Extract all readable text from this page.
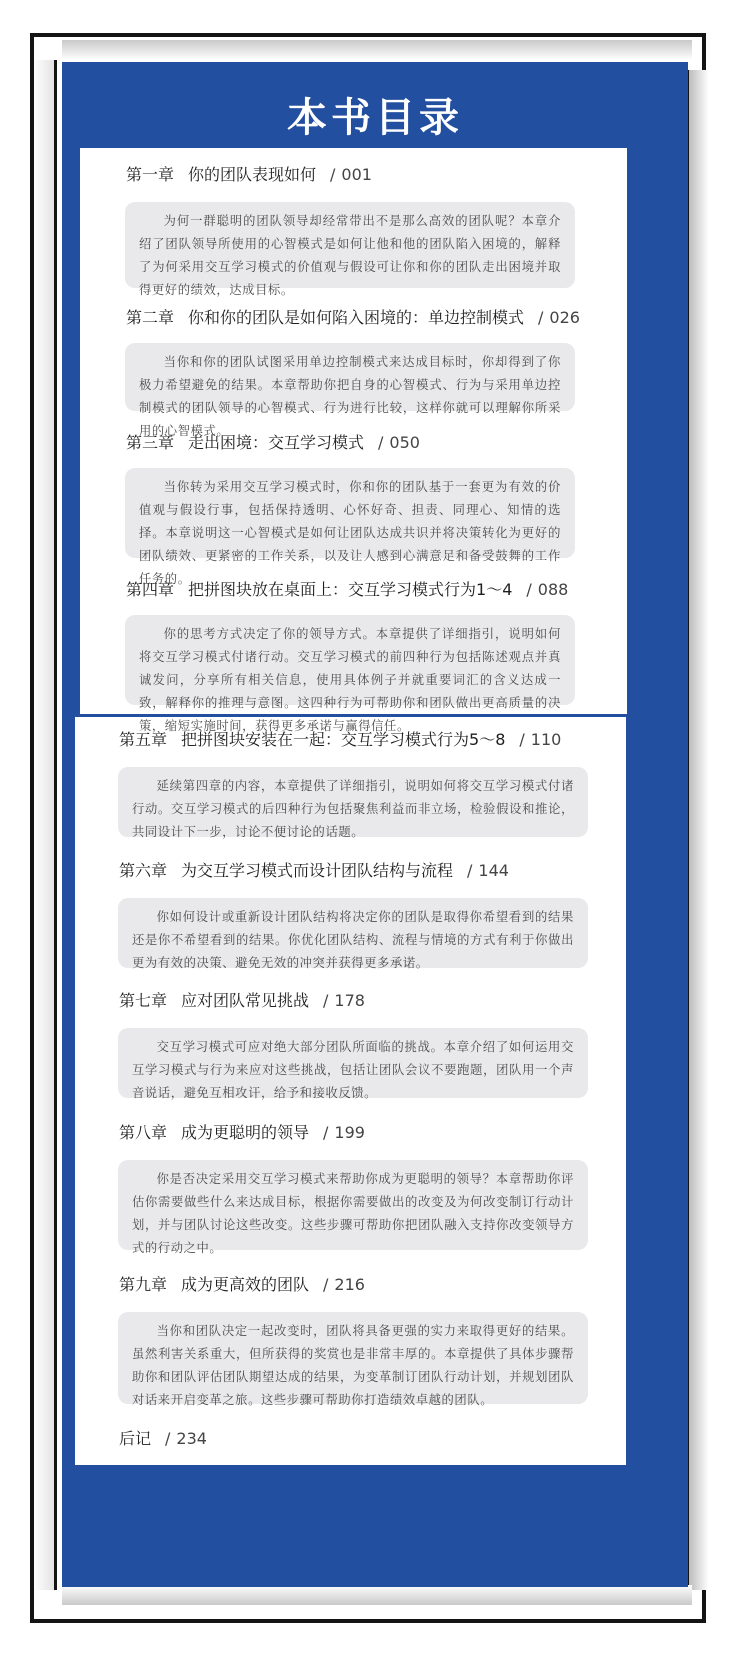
本书目录
第一章 你的团队表现如何 / 001
为何一群聪明的团队领导却经常带出不是那么高效的团队呢？本章介绍了团队领导所使用的心智模式是如何让他和他的团队陷入困境的，解释了为何采用交互学习模式的价值观与假设可让你和你的团队走出困境并取得更好的绩效，达成目标。
第二章 你和你的团队是如何陷入困境的：单边控制模式 / 026
当你和你的团队试图采用单边控制模式来达成目标时，你却得到了你极力希望避免的结果。本章帮助你把自身的心智模式、行为与采用单边控制模式的团队领导的心智模式、行为进行比较，这样你就可以理解你所采用的心智模式。
第三章 走出困境：交互学习模式 / 050
当你转为采用交互学习模式时，你和你的团队基于一套更为有效的价值观与假设行事，包括保持透明、心怀好奇、担责、同理心、知情的选择。本章说明这一心智模式是如何让团队达成共识并将决策转化为更好的团队绩效、更紧密的工作关系，以及让人感到心满意足和备受鼓舞的工作任务的。
第四章 把拼图块放在桌面上：交互学习模式行为1～4 / 088
你的思考方式决定了你的领导方式。本章提供了详细指引，说明如何将交互学习模式付诸行动。交互学习模式的前四种行为包括陈述观点并真诚发问，分享所有相关信息，使用具体例子并就重要词汇的含义达成一致，解释你的推理与意图。这四种行为可帮助你和团队做出更高质量的决策，缩短实施时间，获得更多承诺与赢得信任。
第五章 把拼图块安装在一起：交互学习模式行为5～8 / 110
延续第四章的内容，本章提供了详细指引，说明如何将交互学习模式付诸行动。交互学习模式的后四种行为包括聚焦利益而非立场，检验假设和推论，共同设计下一步，讨论不便讨论的话题。
第六章 为交互学习模式而设计团队结构与流程 / 144
你如何设计或重新设计团队结构将决定你的团队是取得你希望看到的结果还是你不希望看到的结果。你优化团队结构、流程与情境的方式有利于你做出更为有效的决策、避免无效的冲突并获得更多承诺。
第七章 应对团队常见挑战 / 178
交互学习模式可应对绝大部分团队所面临的挑战。本章介绍了如何运用交互学习模式与行为来应对这些挑战，包括让团队会议不要跑题，团队用一个声音说话，避免互相攻讦，给予和接收反馈。
第八章 成为更聪明的领导 / 199
你是否决定采用交互学习模式来帮助你成为更聪明的领导？本章帮助你评估你需要做些什么来达成目标，根据你需要做出的改变及为何改变制订行动计划，并与团队讨论这些改变。这些步骤可帮助你把团队融入支持你改变领导方式的行动之中。
第九章 成为更高效的团队 / 216
当你和团队决定一起改变时，团队将具备更强的实力来取得更好的结果。虽然利害关系重大，但所获得的奖赏也是非常丰厚的。本章提供了具体步骤帮助你和团队评估团队期望达成的结果，为变革制订团队行动计划，并规划团队对话来开启变革之旅。这些步骤可帮助你打造绩效卓越的团队。
后记 / 234
